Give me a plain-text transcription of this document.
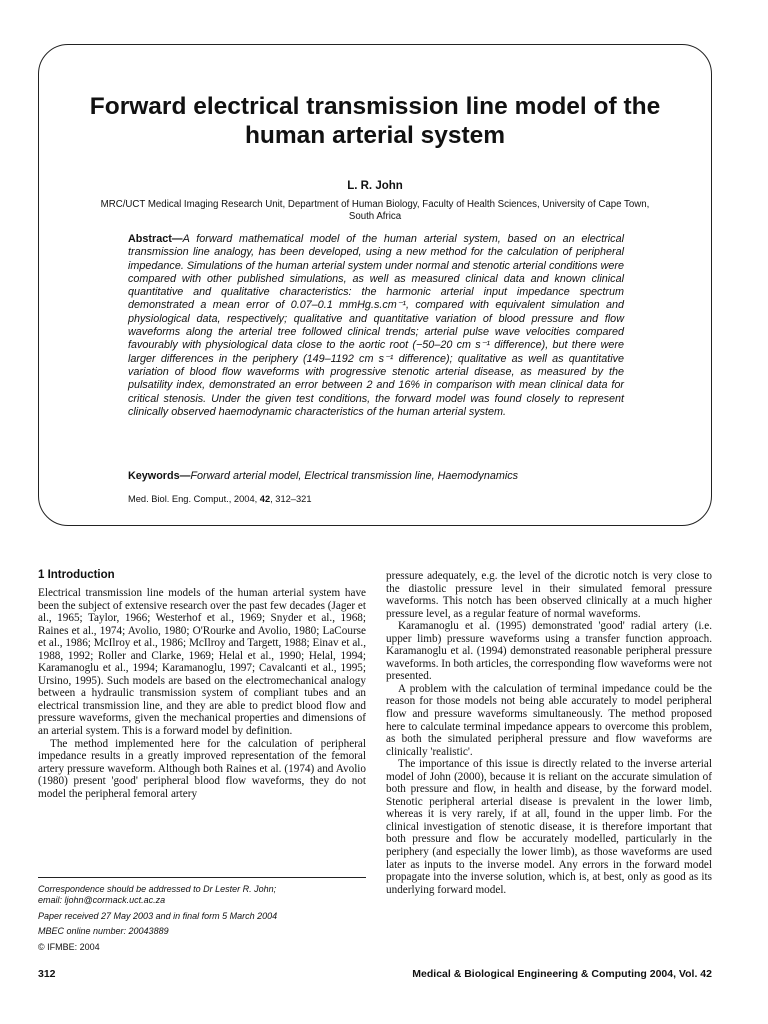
Forward electrical transmission line model of the human arterial system
L. R. John
MRC/UCT Medical Imaging Research Unit, Department of Human Biology, Faculty of Health Sciences, University of Cape Town, South Africa
Abstract—A forward mathematical model of the human arterial system, based on an electrical transmission line analogy, has been developed, using a new method for the calculation of peripheral impedance. Simulations of the human arterial system under normal and stenotic arterial conditions were compared with other published simulations, as well as measured clinical data and known clinical quantitative and qualitative characteristics: the harmonic arterial input impedance spectrum demonstrated a mean error of 0.07–0.1 mmHg.s.cm⁻¹, compared with equivalent simulation and physiological data, respectively; qualitative and quantitative variation of blood pressure and flow waveforms along the arterial tree followed clinical trends; arterial pulse wave velocities compared favourably with physiological data close to the aortic root (−50–20 cm s⁻¹ difference), but there were larger differences in the periphery (149–1192 cm s⁻¹ difference); qualitative as well as quantitative variation of blood flow waveforms with progressive stenotic arterial disease, as measured by the pulsatility index, demonstrated an error between 2 and 16% in comparison with mean clinical data for critical stenosis. Under the given test conditions, the forward model was found closely to represent clinically observed haemodynamic characteristics of the human arterial system.
Keywords—Forward arterial model, Electrical transmission line, Haemodynamics
Med. Biol. Eng. Comput., 2004, 42, 312–321
1 Introduction

Electrical transmission line models of the human arterial system have been the subject of extensive research over the past few decades (Jager et al., 1965; Taylor, 1966; Westerhof et al., 1969; Snyder et al., 1968; Raines et al., 1974; Avolio, 1980; O'Rourke and Avolio, 1980; LaCourse et al., 1986; McIlroy et al., 1986; McIlroy and Targett, 1988; Einav et al., 1988, 1992; Roller and Clarke, 1969; Helal et al., 1990; Helal, 1994; Karamanoglu et al., 1994; Karamanoglu, 1997; Cavalcanti et al., 1995; Ursino, 1995). Such models are based on the electromechanical analogy between a hydraulic transmission system of compliant tubes and an electrical transmission line, and they are able to predict blood flow and pressure waveforms, given the mechanical properties and dimensions of an arterial system. This is a forward model by definition.

The method implemented here for the calculation of peripheral impedance results in a greatly improved representation of the femoral artery pressure waveform. Although both Raines et al. (1974) and Avolio (1980) present 'good' peripheral blood flow waveforms, they do not model the peripheral femoral artery

pressure adequately, e.g. the level of the dicrotic notch is very close to the diastolic pressure level in their simulated femoral pressure waveforms. This notch has been observed clinically at a much higher pressure level, as a regular feature of normal waveforms.

Karamanoglu et al. (1995) demonstrated 'good' radial artery (i.e. upper limb) pressure waveforms using a transfer function approach. Karamanoglu et al. (1994) demonstrated reasonable peripheral pressure waveforms. In both articles, the corresponding flow waveforms were not presented.

A problem with the calculation of terminal impedance could be the reason for those models not being able accurately to model peripheral flow and pressure waveforms simultaneously. The method proposed here to calculate terminal impedance appears to overcome this problem, as both the simulated peripheral pressure and flow waveforms are clinically 'realistic'.

The importance of this issue is directly related to the inverse arterial model of John (2000), because it is reliant on the accurate simulation of both pressure and flow, in health and disease, by the forward model. Stenotic peripheral arterial disease is prevalent in the lower limb, whereas it is very rarely, if at all, found in the upper limb. For the clinical investigation of stenotic disease, it is therefore important that both pressure and flow be accurately modelled, particularly in the periphery (and especially the lower limb), as those waveforms are used later as inputs to the inverse model. Any errors in the forward model propagate into the inverse solution, which is, at best, only as good as its underlying forward model.

Correspondence should be addressed to Dr Lester R. John;
email: ljohn@cormack.uct.ac.za
Paper received 27 May 2003 and in final form 5 March 2004
MBEC online number: 20043889
© IFMBE: 2004
312	Medical & Biological Engineering & Computing 2004, Vol. 42
